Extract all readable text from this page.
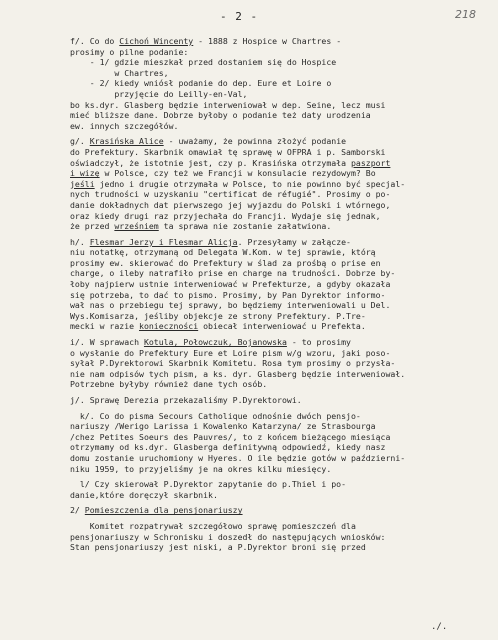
- 2 -	218
f/. Co do Cichoń Wincenty - 1888 z Hospice w Chartres -
prosimy o pilne podanie:
- 1/ gdzie mieszkał przed dostaniem się do Hospice
w Chartres,
- 2/ kiedy wniósł podanie do dep. Eure et Loire o
przyjęcie do Leilly-en-Val,
bo ks.dyr. Glasberg będzie interweniował w dep. Seine, lecz musi
mieć bliższe dane. Dobrze byłoby o podanie też daty urodzenia
ew. innych szczegółów.
g/. Krasińska Alice - uważamy, że powinna złożyć podanie
do Prefektury. Skarbnik omawiał tę sprawę w OFPRA i p. Samborski
oświadczył, że istotnie jest, czy p. Krasińska otrzymała paszport
i wizę w Polsce, czy też we Francji w konsulacie rezydowym? Bo
jeśli jedno i drugie otrzymała w Polsce, to nie powinno być specjal-
nych trudności w uzyskaniu "certificat de réfugié". Prosimy o po-
danie dokładnych dat pierwszego jej wyjazdu do Polski i wtórnego,
oraz kiedy drugi raz przyjechała do Francji. Wydaje się jednak,
że przed wrześniem ta sprawa nie zostanie załatwiona.
h/. Flesmar Jerzy i Flesmar Alicja. Przesyłamy w załącze-
niu notatkę, otrzymaną od Delegata W.Kom. w tej sprawie, którą
prosimy ew. skierować do Prefektury w ślad za prośbą o prise en
charge, o ileby natrafiło prise en charge na trudności. Dobrze by-
łoby najpierw ustnie interweniować w Prefekturze, a gdyby okazała
się potrzeba, to dać to pismo. Prosimy, by Pan Dyrektor informo-
wał nas o przebiegu tej sprawy, bo będziemy interweniowali u Del.
Wys.Komisarza, jeśliby objekcje ze strony Prefektury. P.Tre-
mecki w razie konieczności obiecał interweniować u Prefekta.
i/. W sprawach Kotula, Połowczuk, Bojanowska - to prosimy
o wysłanie do Prefektury Eure et Loire pism w/g wzoru, jaki poso-
syłał P.Dyrektorowi Skarbnik Komitetu. Rosa tym prosimy o przysła-
nie nam odpisów tych pism, a ks. dyr. Glasberg będzie interweniował.
Potrzebne byłyby również dane tych osób.
j/. Sprawę Derezia przekazaliśmy P.Dyrektorowi.
k/. Co do pisma Secours Catholique odnośnie dwóch pensjo-
nariuszy /Werigo Larissa i Kowalenko Katarzyna/ ze Strasbourga
/chez Petites Soeurs des Pauvres/, to z końcem bieżącego miesiąca
otrzymamy od ks.dyr. Glasberga definitywną odpowiedź, kiedy nasz
domu zostanie uruchomiony w Hyeres. O ile będzie gotów w październi-
niku 1959, to przyjeliśmy je na okres kilku miesięcy.
l/ Czy skierował P.Dyrektor zapytanie do p.Thiel i po-
danie,które doręczył skarbnik.
2/ Pomieszczenia dla pensjonariuszy
Komitet rozpatrywał szczegółowo sprawę pomieszczeń dla
pensjonariuszy w Schronisku i doszedł do następujących wniosków:
Stan pensjonariuszy jest niski, a P.Dyrektor broni się przed
./.
